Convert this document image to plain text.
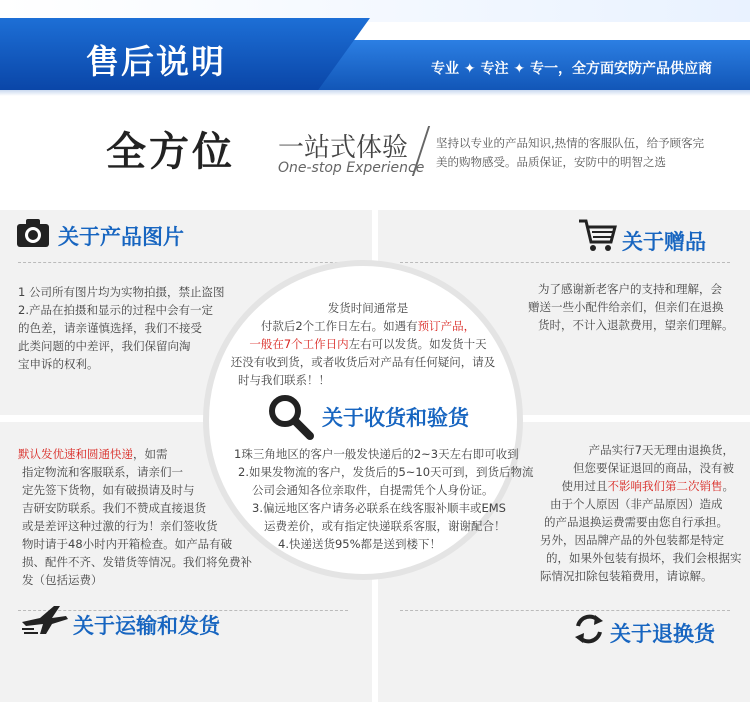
售后说明	专业 ✦ 专注 ✦ 专一，全方面安防产品供应商
全方位 一站式体验
One-stop Experience
坚持以专业的产品知识,热情的客服队伍，给予顾客完美的购物感受。品质保证，安防中的明智之选
关于产品图片
1 公司所有图片均为实物拍摄，禁止盗图
2.产品在拍摄和显示的过程中会有一定
的色差，请亲谨慎选择，我们不接受
此类问题的中差评，我们保留向淘
宝申诉的权利。
关于赠品
为了感谢新老客户的支持和理解，会
赠送一些小配件给亲们，但亲们在退换
货时，不计入退款费用，望亲们理解。
发货时间通常是
付款后2个工作日左右。如遇有预订产品，
一般在7个工作日内左右可以发货。如发货十天
还没有收到货，或者收货后对产品有任何疑问，请及
时与我们联系！！
关于收货和验货
1珠三角地区的客户一般发快递后的2~3天左右即可收到
2.如果发物流的客户，发货后的5~10天可到，到货后物流
公司会通知各位亲取件，自提需凭个人身份证。
3.偏远地区客户请务必联系在线客服补顺丰或EMS
运费差价，或有指定快递联系客服，谢谢配合！
4.快递送货95%都是送到楼下！
默认发优速和圆通快递，如需
指定物流和客服联系，请亲们一
定先签下货物，如有破损请及时与
吉研安防联系。我们不赞成直接退货
或是差评这种过激的行为！亲们签收货
物时请于48小时内开箱检查。如产品有破
损、配件不齐、发错货等情况。我们将免费补
发（包括运费）
关于运输和发货
产品实行7天无理由退换货，
但您要保证退回的商品，没有被
使用过且不影响我们第二次销售。
由于个人原因（非产品原因）造成
的产品退换运费需要由您自行承担。
另外，因品牌产品的外包装都是特定
的，如果外包装有损坏，我们会根据实
际情况扣除包装箱费用，请谅解。
关于退换货
